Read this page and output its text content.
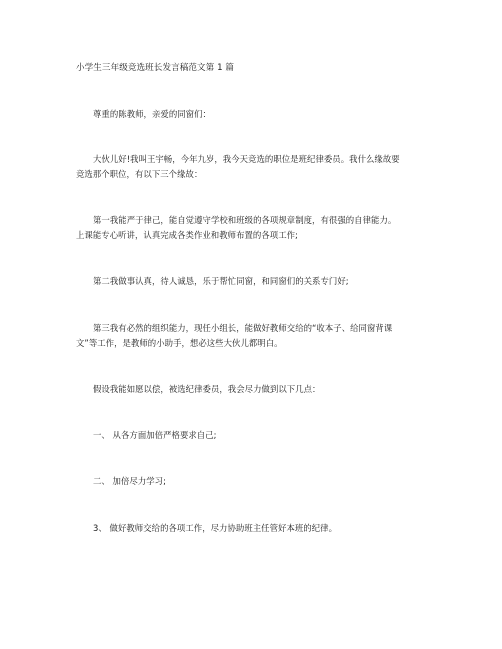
小学生三年级竞选班长发言稿范文第 1 篇
尊重的陈教师，亲爱的同窗们：
大伙儿好!我叫王宇畅，今年九岁，我今天竞选的职位是班纪律委员。我什么缘故要
竞选那个职位，有以下三个缘故：
第一我能严于律己，能自觉遵守学校和班级的各项规章制度，有很强的自律能力。
上课能专心听讲，认真完成各类作业和教师布置的各项工作;
第二我做事认真，待人诚恳，乐于帮忙同窗，和同窗们的关系专门好;
第三我有必然的组织能力，现任小组长，能做好教师交给的“收本子、给同窗背课
文”等工作，是教师的小助手，想必这些大伙儿都明白。
假设我能如愿以偿，被选纪律委员，我会尽力做到以下几点：
一、 从各方面加倍严格要求自己;
二、 加倍尽力学习;
3、 做好教师交给的各项工作，尽力协助班主任管好本班的纪律。
